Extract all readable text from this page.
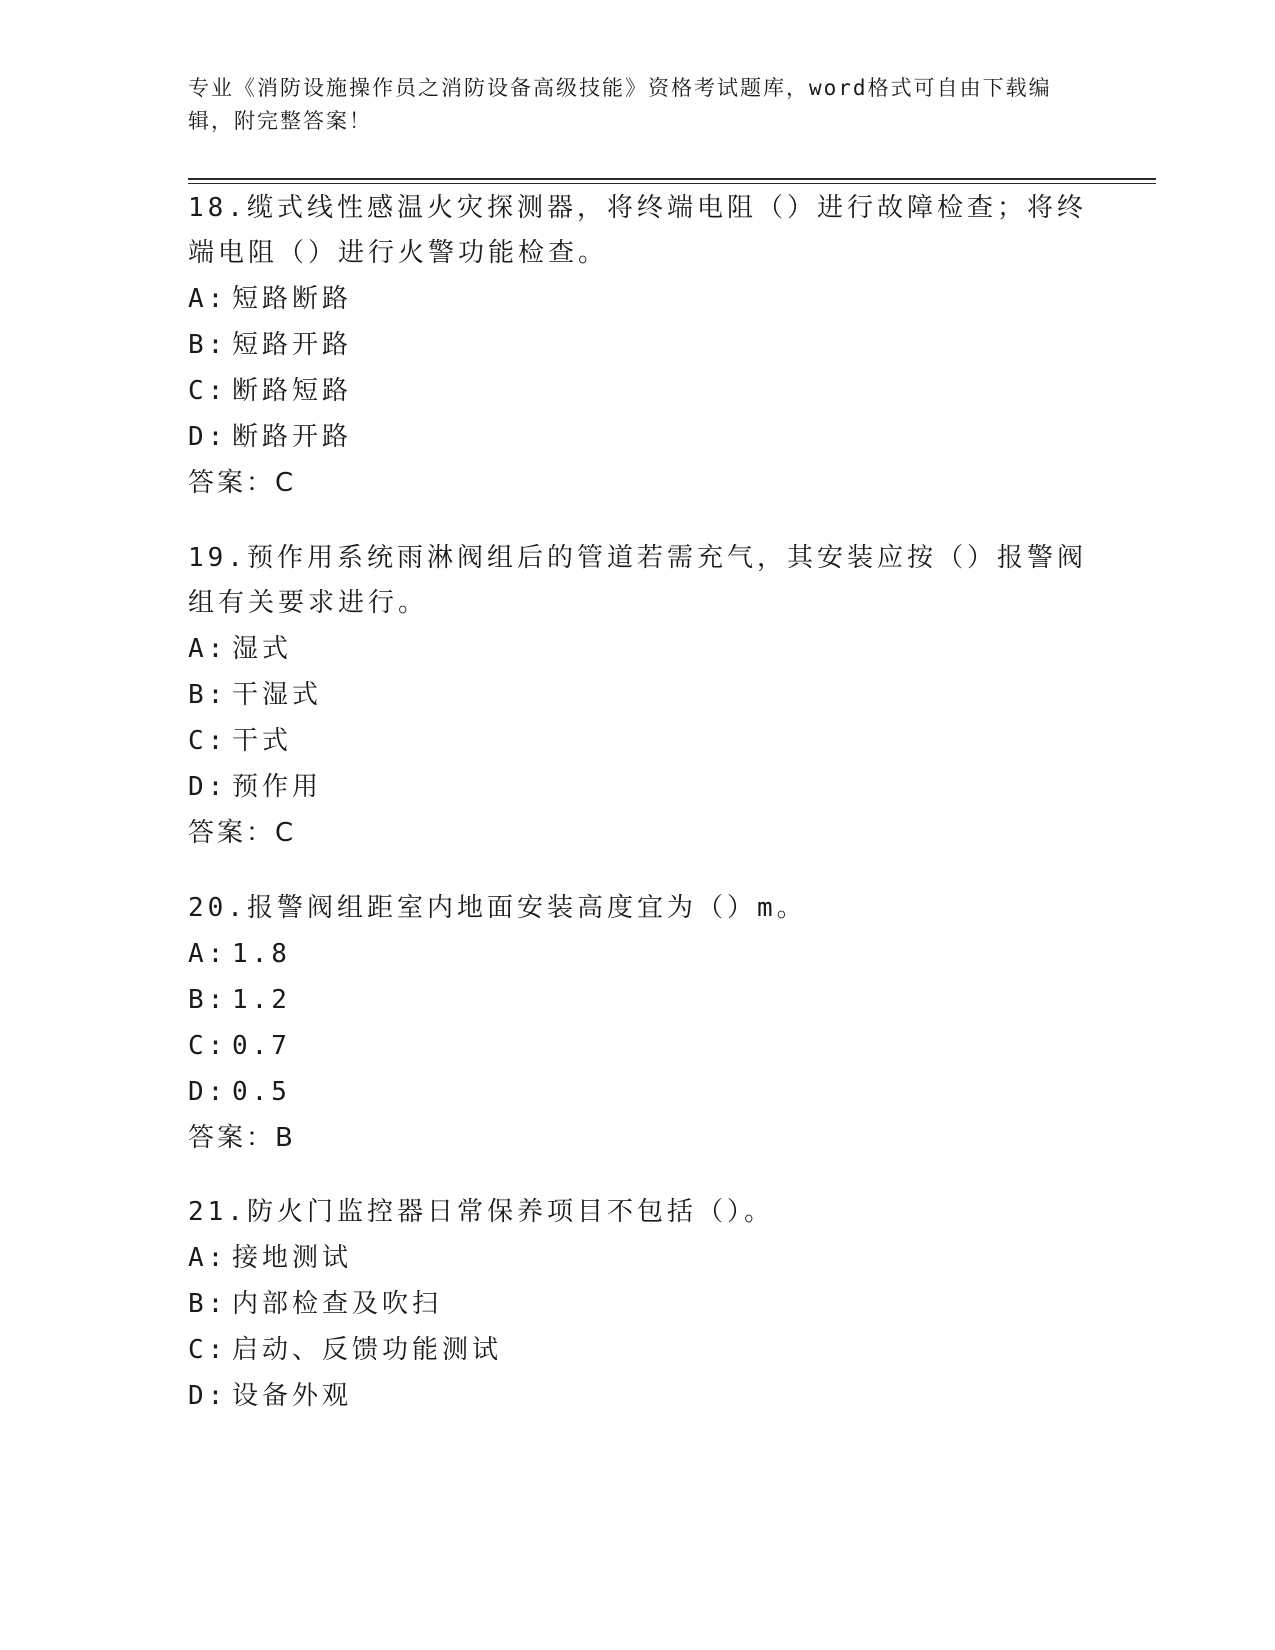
专业《消防设施操作员之消防设备高级技能》资格考试题库，word格式可自由下载编辑，附完整答案！

18.缆式线性感温火灾探测器，将终端电阻（）进行故障检查；将终端电阻（）进行火警功能检查。

A: 短路断路

B: 短路开路

C: 断路短路

D: 断路开路

答案：C

19.预作用系统雨淋阀组后的管道若需充气，其安装应按（）报警阀组有关要求进行。

A: 湿式

B: 干湿式

C: 干式

D: 预作用

答案：C

20.报警阀组距室内地面安装高度宜为（）m。

A: 1.8

B: 1.2

C: 0.7

D: 0.5

答案：B

21.防火门监控器日常保养项目不包括（）。

A: 接地测试

B: 内部检查及吹扫

C: 启动、反馈功能测试

D: 设备外观
